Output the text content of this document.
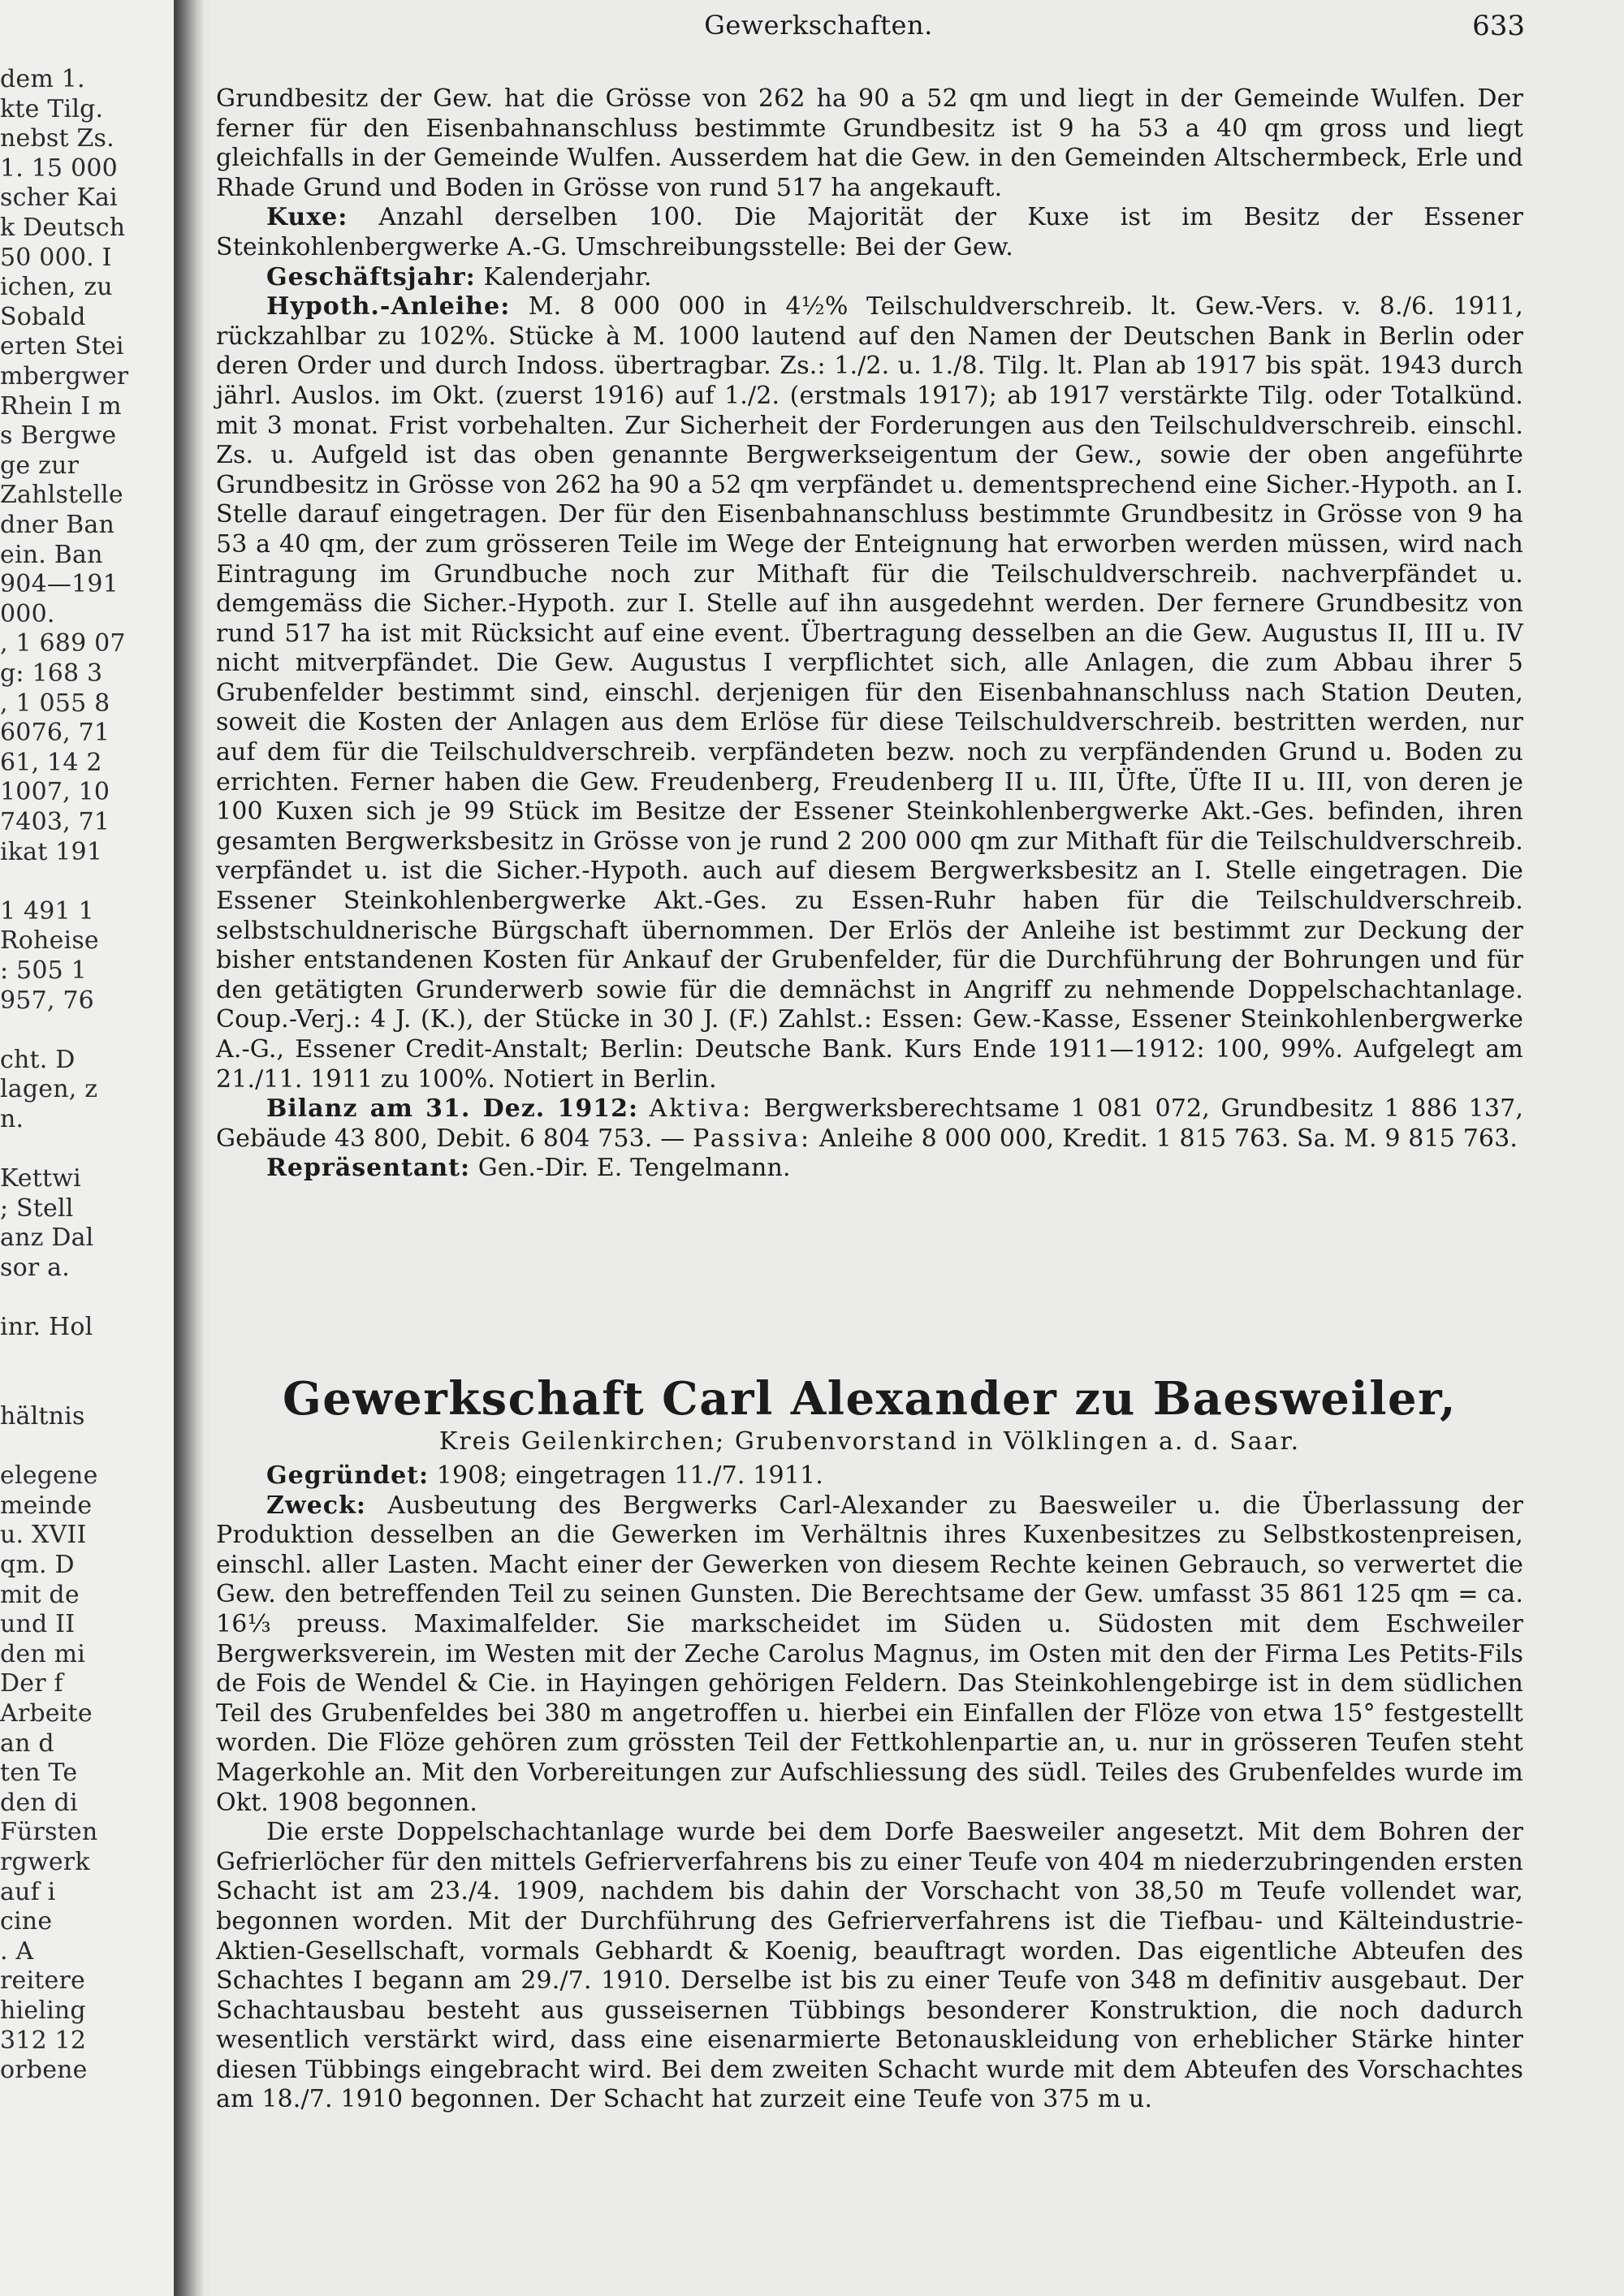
dem 1.
kte Tilg.
nebst Zs.
1. 15 000
scher Kai
k Deutsch
50 000. I
ichen, zu
Sobald
erten Stei
mbergwer
Rhein I m
s Bergwe
ge zur
Zahlstelle
dner Ban
ein. Ban
904—191
000.
, 1 689 07
g: 168 3
, 1 055 8
6076, 71
61, 14 2
1007, 10
7403, 71
ikat 191
1 491 1
Roheise
: 505 1
957, 76
cht. D
lagen, z
n.
Kettwi
; Stell
anz Dal
sor a.
inr. Hol
hältnis
elegene
meinde
u. XVII
qm. D
mit de
und II
den mi
Der f
Arbeite
an d
ten Te
den di
Fürsten
rgwerk
auf i
cine
. A
reitere
hieling
312 12
orbene
Gewerkschaften.	633

Grundbesitz der Gew. hat die Grösse von 262 ha 90 a 52 qm und liegt in der Gemeinde Wulfen. Der ferner für den Eisenbahnanschluss bestimmte Grundbesitz ist 9 ha 53 a 40 qm gross und liegt gleichfalls in der Gemeinde Wulfen. Ausserdem hat die Gew. in den Gemeinden Altschermbeck, Erle und Rhade Grund und Boden in Grösse von rund 517 ha angekauft.

Kuxe: Anzahl derselben 100. Die Majorität der Kuxe ist im Besitz der Essener Steinkohlenbergwerke A.-G. Umschreibungsstelle: Bei der Gew.

Geschäftsjahr: Kalenderjahr.

Hypoth.-Anleihe: M. 8 000 000 in 4½% Teilschuldverschreib. lt. Gew.-Vers. v. 8./6. 1911, rückzahlbar zu 102%. Stücke à M. 1000 lautend auf den Namen der Deutschen Bank in Berlin oder deren Order und durch Indoss. übertragbar. Zs.: 1./2. u. 1./8. Tilg. lt. Plan ab 1917 bis spät. 1943 durch jährl. Auslos. im Okt. (zuerst 1916) auf 1./2. (erstmals 1917); ab 1917 verstärkte Tilg. oder Totalkünd. mit 3 monat. Frist vorbehalten. Zur Sicherheit der Forderungen aus den Teilschuldverschreib. einschl. Zs. u. Aufgeld ist das oben genannte Bergwerkseigentum der Gew., sowie der oben angeführte Grundbesitz in Grösse von 262 ha 90 a 52 qm verpfändet u. dementsprechend eine Sicher.-Hypoth. an I. Stelle darauf eingetragen. Der für den Eisenbahnanschluss bestimmte Grundbesitz in Grösse von 9 ha 53 a 40 qm, der zum grösseren Teile im Wege der Enteignung hat erworben werden müssen, wird nach Eintragung im Grundbuche noch zur Mithaft für die Teilschuldverschreib. nachverpfändet u. demgemäss die Sicher.-Hypoth. zur I. Stelle auf ihn ausgedehnt werden. Der fernere Grundbesitz von rund 517 ha ist mit Rücksicht auf eine event. Übertragung desselben an die Gew. Augustus II, III u. IV nicht mitverpfändet. Die Gew. Augustus I verpflichtet sich, alle Anlagen, die zum Abbau ihrer 5 Grubenfelder bestimmt sind, einschl. derjenigen für den Eisenbahnanschluss nach Station Deuten, soweit die Kosten der Anlagen aus dem Erlöse für diese Teilschuldverschreib. bestritten werden, nur auf dem für die Teilschuldverschreib. verpfändeten bezw. noch zu verpfändenden Grund u. Boden zu errichten. Ferner haben die Gew. Freudenberg, Freudenberg II u. III, Üfte, Üfte II u. III, von deren je 100 Kuxen sich je 99 Stück im Besitze der Essener Steinkohlenbergwerke Akt.-Ges. befinden, ihren gesamten Bergwerksbesitz in Grösse von je rund 2 200 000 qm zur Mithaft für die Teilschuldverschreib. verpfändet u. ist die Sicher.-Hypoth. auch auf diesem Bergwerksbesitz an I. Stelle eingetragen. Die Essener Steinkohlenbergwerke Akt.-Ges. zu Essen-Ruhr haben für die Teilschuldverschreib. selbstschuldnerische Bürgschaft übernommen. Der Erlös der Anleihe ist bestimmt zur Deckung der bisher entstandenen Kosten für Ankauf der Grubenfelder, für die Durchführung der Bohrungen und für den getätigten Grunderwerb sowie für die demnächst in Angriff zu nehmende Doppelschachtanlage. Coup.-Verj.: 4 J. (K.), der Stücke in 30 J. (F.) Zahlst.: Essen: Gew.-Kasse, Essener Steinkohlenbergwerke A.-G., Essener Credit-Anstalt; Berlin: Deutsche Bank. Kurs Ende 1911—1912: 100, 99%. Aufgelegt am 21./11. 1911 zu 100%. Notiert in Berlin.

Bilanz am 31. Dez. 1912: Aktiva: Bergwerksberechtsame 1 081 072, Grundbesitz 1 886 137, Gebäude 43 800, Debit. 6 804 753. — Passiva: Anleihe 8 000 000, Kredit. 1 815 763. Sa. M. 9 815 763.

Repräsentant: Gen.-Dir. E. Tengelmann.

Gewerkschaft Carl Alexander zu Baesweiler,

Kreis Geilenkirchen; Grubenvorstand in Völklingen a. d. Saar.

Gegründet: 1908; eingetragen 11./7. 1911.

Zweck: Ausbeutung des Bergwerks Carl-Alexander zu Baesweiler u. die Überlassung der Produktion desselben an die Gewerken im Verhältnis ihres Kuxenbesitzes zu Selbstkostenpreisen, einschl. aller Lasten. Macht einer der Gewerken von diesem Rechte keinen Gebrauch, so verwertet die Gew. den betreffenden Teil zu seinen Gunsten. Die Berechtsame der Gew. umfasst 35 861 125 qm = ca. 16⅓ preuss. Maximalfelder. Sie markscheidet im Süden u. Südosten mit dem Eschweiler Bergwerksverein, im Westen mit der Zeche Carolus Magnus, im Osten mit den der Firma Les Petits-Fils de Fois de Wendel & Cie. in Hayingen gehörigen Feldern. Das Steinkohlengebirge ist in dem südlichen Teil des Grubenfeldes bei 380 m angetroffen u. hierbei ein Einfallen der Flöze von etwa 15° festgestellt worden. Die Flöze gehören zum grössten Teil der Fettkohlenpartie an, u. nur in grösseren Teufen steht Magerkohle an. Mit den Vorbereitungen zur Aufschliessung des südl. Teiles des Grubenfeldes wurde im Okt. 1908 begonnen.

Die erste Doppelschachtanlage wurde bei dem Dorfe Baesweiler angesetzt. Mit dem Bohren der Gefrierlöcher für den mittels Gefrierverfahrens bis zu einer Teufe von 404 m niederzubringenden ersten Schacht ist am 23./4. 1909, nachdem bis dahin der Vorschacht von 38,50 m Teufe vollendet war, begonnen worden. Mit der Durchführung des Gefrierverfahrens ist die Tiefbau- und Kälteindustrie-Aktien-Gesellschaft, vormals Gebhardt & Koenig, beauftragt worden. Das eigentliche Abteufen des Schachtes I begann am 29./7. 1910. Derselbe ist bis zu einer Teufe von 348 m definitiv ausgebaut. Der Schachtausbau besteht aus gusseisernen Tübbings besonderer Konstruktion, die noch dadurch wesentlich verstärkt wird, dass eine eisenarmierte Betonauskleidung von erheblicher Stärke hinter diesen Tübbings eingebracht wird. Bei dem zweiten Schacht wurde mit dem Abteufen des Vorschachtes am 18./7. 1910 begonnen. Der Schacht hat zurzeit eine Teufe von 375 m u.
